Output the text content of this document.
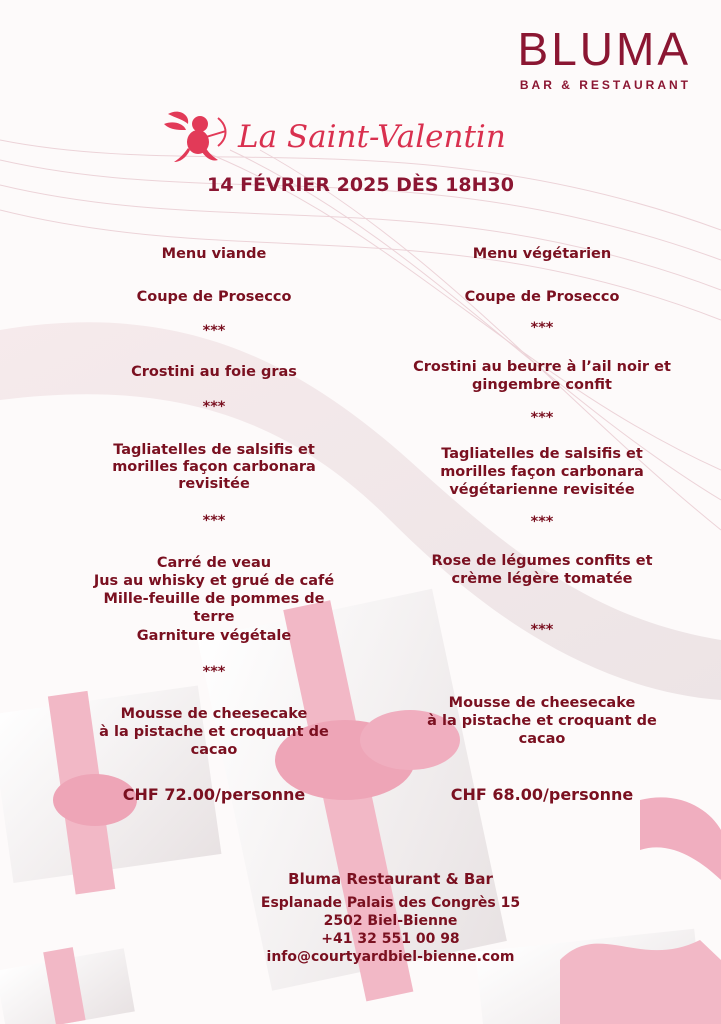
BLUMA
BAR & RESTAURANT
La Saint-Valentin
14 FÉVRIER 2025 DÈS 18H30
Menu viande
Coupe de Prosecco
***
Crostini au foie gras
***
Tagliatelles de salsifis et
morilles façon carbonara
revisitée
***
Carré de veau
Jus au whisky et grué de café
Mille-feuille de pommes de
terre
Garniture végétale
***
Mousse de cheesecake
à la pistache et croquant de
cacao
CHF 72.00/personne
Menu végétarien
Coupe de Prosecco
***
Crostini au beurre à l’ail noir et
gingembre confit
***
Tagliatelles de salsifis et
morilles façon carbonara
végétarienne revisitée
***
Rose de légumes confits et
crème légère tomatée
***
Mousse de cheesecake
à la pistache et croquant de
cacao
CHF 68.00/personne
Bluma Restaurant & Bar
Esplanade Palais des Congrès 15
2502 Biel-Bienne
+41 32 551 00 98
info@courtyardbiel-bienne.com
